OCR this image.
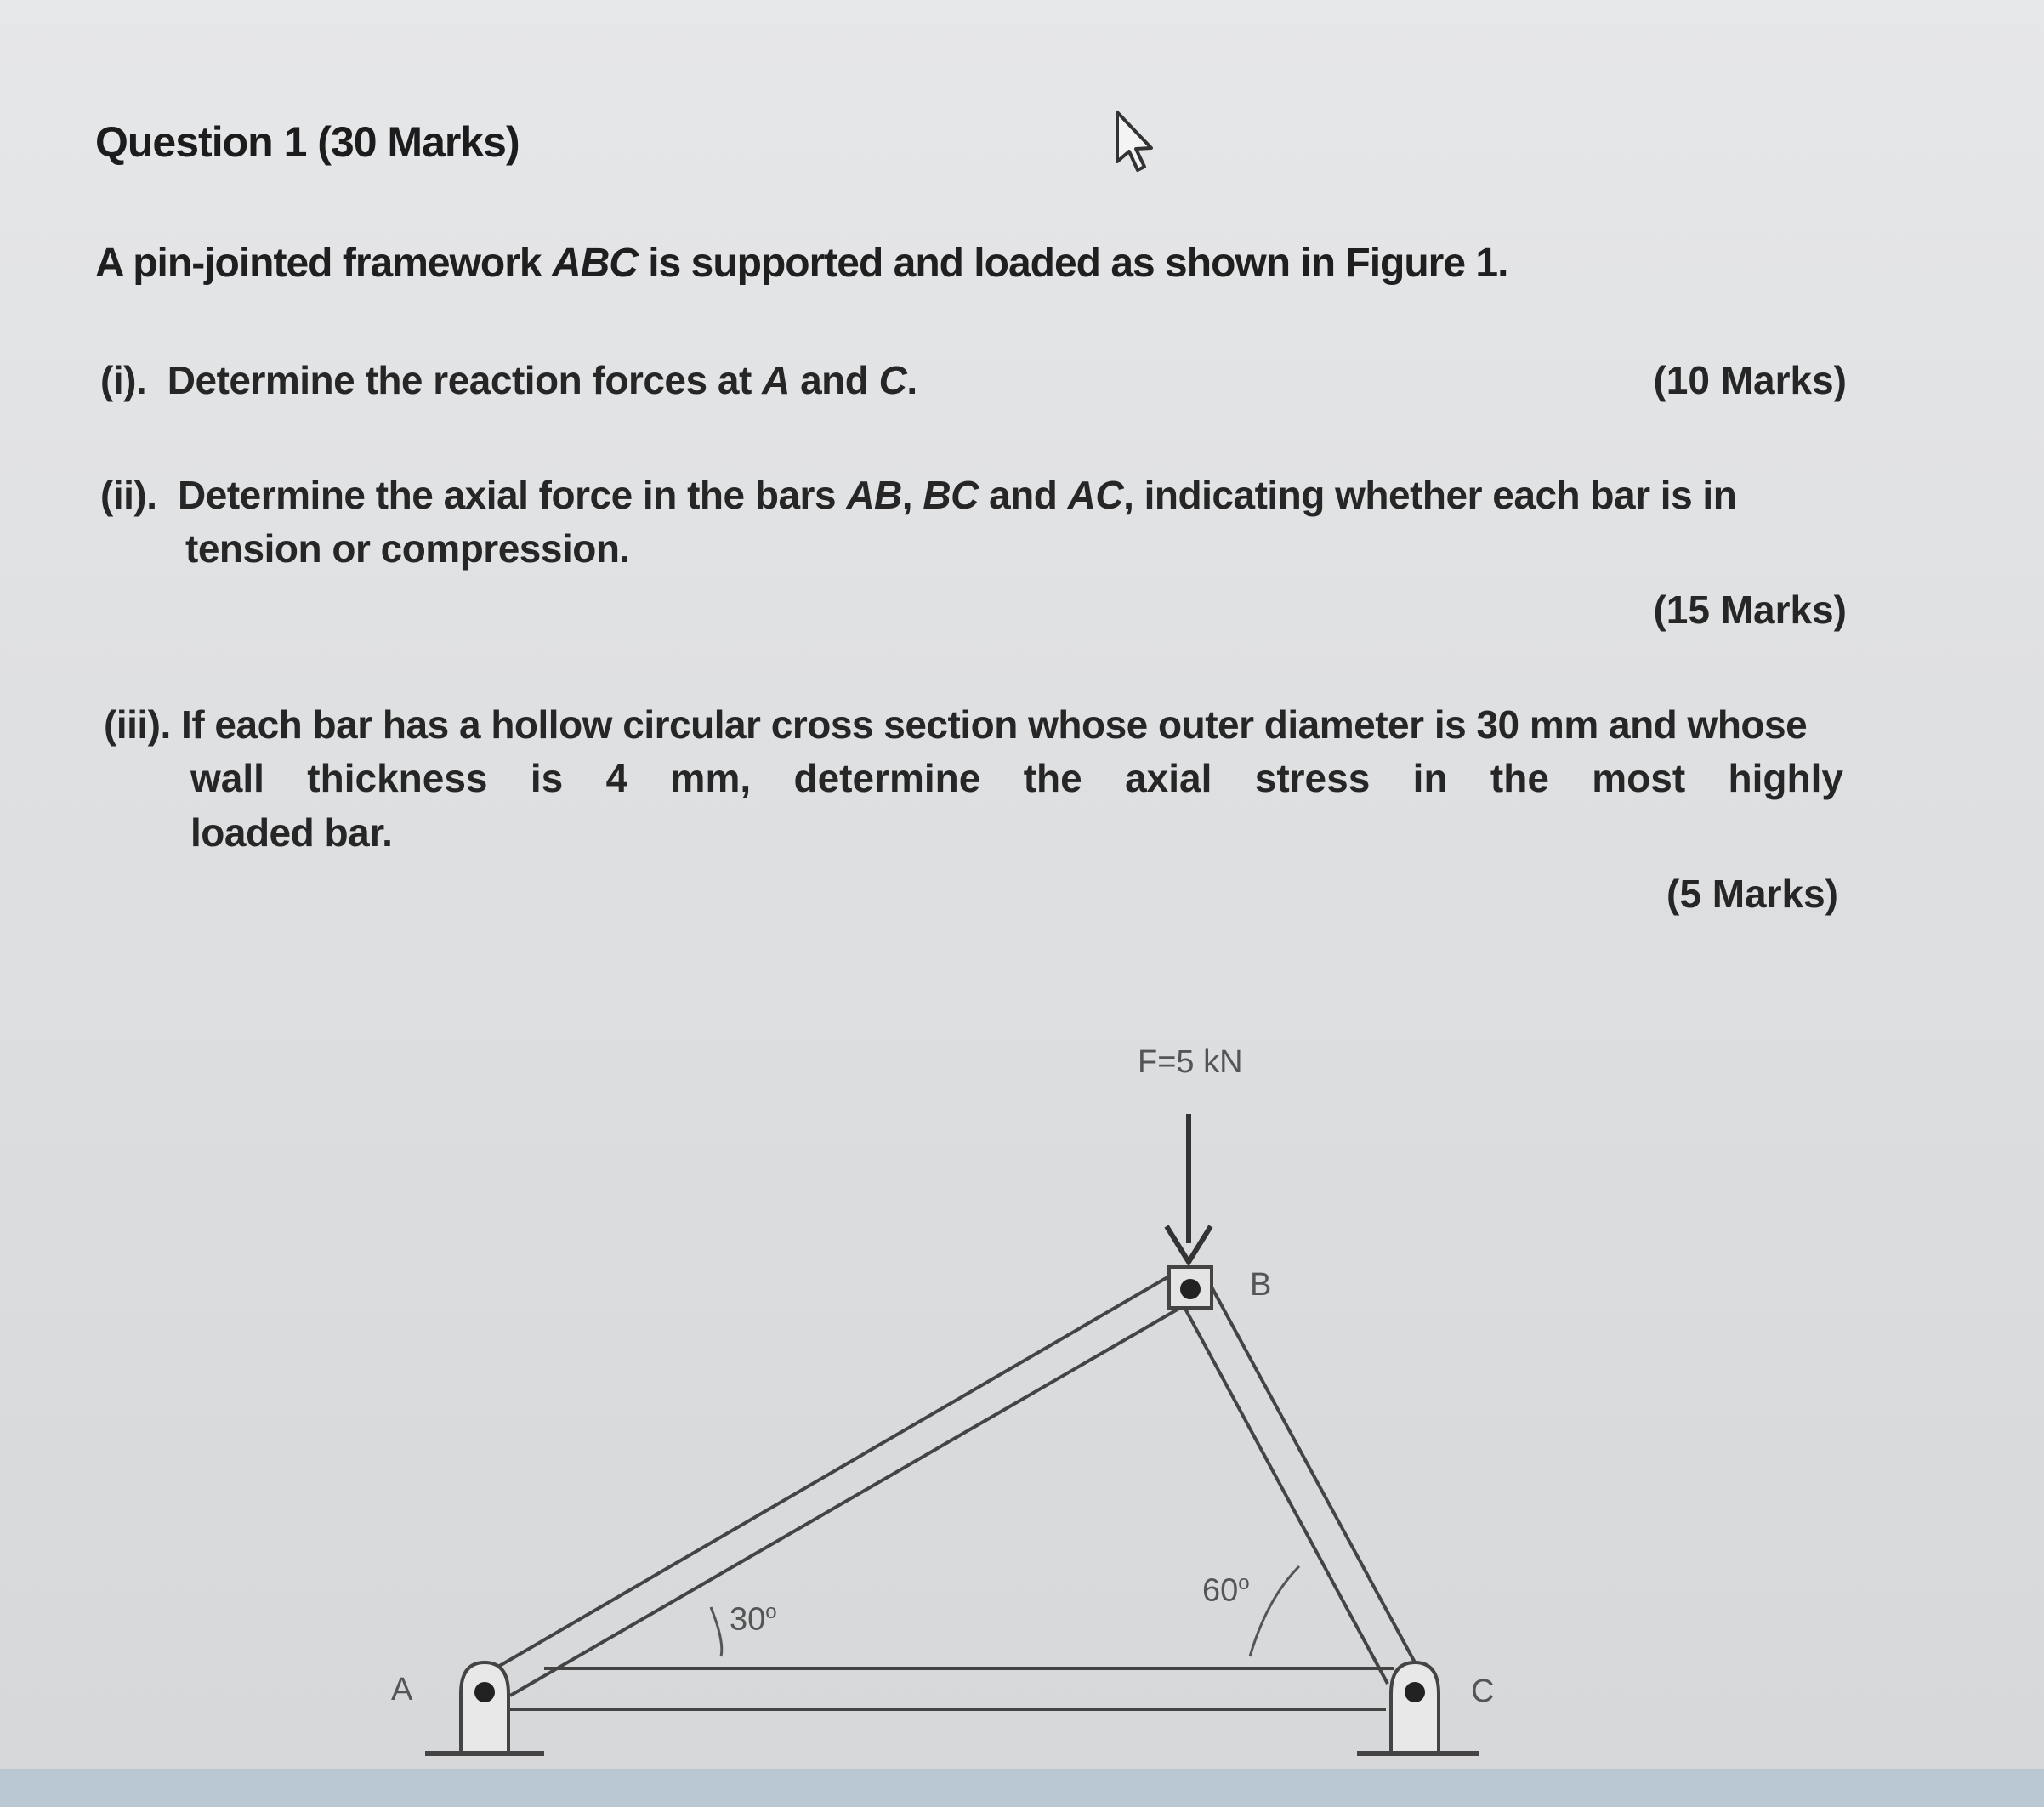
Question 1 (30 Marks)
A pin-jointed framework ABC is supported and loaded as shown in Figure 1.
(i). Determine the reaction forces at A and C.	(10 Marks)
(ii). Determine the axial force in the bars AB, BC and AC, indicating whether each bar is in
tension or compression.
(15 Marks)
(iii). If each bar has a hollow circular cross section whose outer diameter is 30 mm and whose
wall thickness is 4 mm, determine the axial stress in the most highly
loaded bar.
(5 Marks)
F=5 kN
B
A	C
30$^o$
60$^o$
